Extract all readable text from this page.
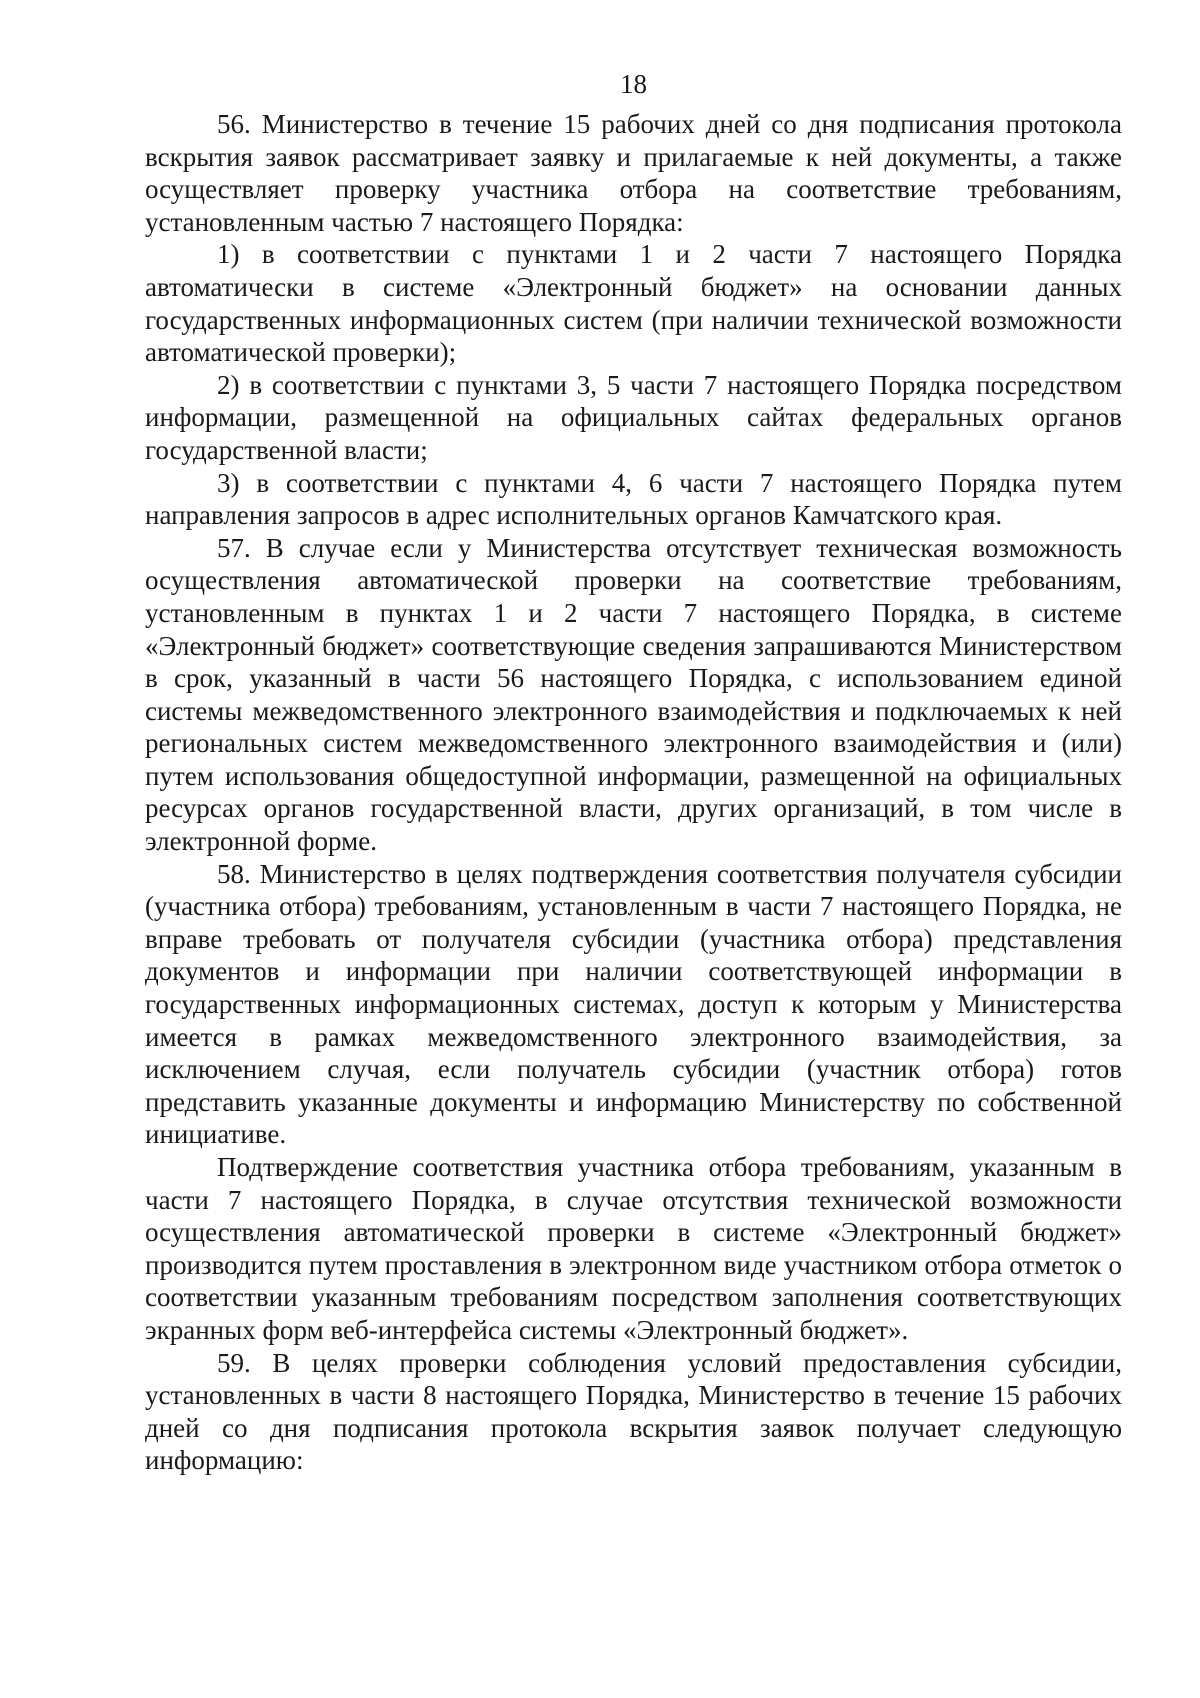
18

56. Министерство в течение 15 рабочих дней со дня подписания протокола вскрытия заявок рассматривает заявку и прилагаемые к ней документы, а также осуществляет проверку участника отбора на соответствие требованиям, установленным частью 7 настоящего Порядка:

1) в соответствии с пунктами 1 и 2 части 7 настоящего Порядка автоматически в системе «Электронный бюджет» на основании данных государственных информационных систем (при наличии технической возможности автоматической проверки);

2) в соответствии с пунктами 3, 5 части 7 настоящего Порядка посредством информации, размещенной на официальных сайтах федеральных органов государственной власти;

3) в соответствии с пунктами 4, 6 части 7 настоящего Порядка путем направления запросов в адрес исполнительных органов Камчатского края.

57. В случае если у Министерства отсутствует техническая возможность осуществления автоматической проверки на соответствие требованиям, установленным в пунктах 1 и 2 части 7 настоящего Порядка, в системе «Электронный бюджет» соответствующие сведения запрашиваются Министерством в срок, указанный в части 56 настоящего Порядка, с использованием единой системы межведомственного электронного взаимодействия и подключаемых к ней региональных систем межведомственного электронного взаимодействия и (или) путем использования общедоступной информации, размещенной на официальных ресурсах органов государственной власти, других организаций, в том числе в электронной форме.

58. Министерство в целях подтверждения соответствия получателя субсидии (участника отбора) требованиям, установленным в части 7 настоящего Порядка, не вправе требовать от получателя субсидии (участника отбора) представления документов и информации при наличии соответствующей информации в государственных информационных системах, доступ к которым у Министерства имеется в рамках межведомственного электронного взаимодействия, за исключением случая, если получатель субсидии (участник отбора) готов представить указанные документы и информацию Министерству по собственной инициативе.

Подтверждение соответствия участника отбора требованиям, указанным в части 7 настоящего Порядка, в случае отсутствия технической возможности осуществления автоматической проверки в системе «Электронный бюджет» производится путем проставления в электронном виде участником отбора отметок о соответствии указанным требованиям посредством заполнения соответствующих экранных форм веб-интерфейса системы «Электронный бюджет».

59. В целях проверки соблюдения условий предоставления субсидии, установленных в части 8 настоящего Порядка, Министерство в течение 15 рабочих дней со дня подписания протокола вскрытия заявок получает следующую информацию:
